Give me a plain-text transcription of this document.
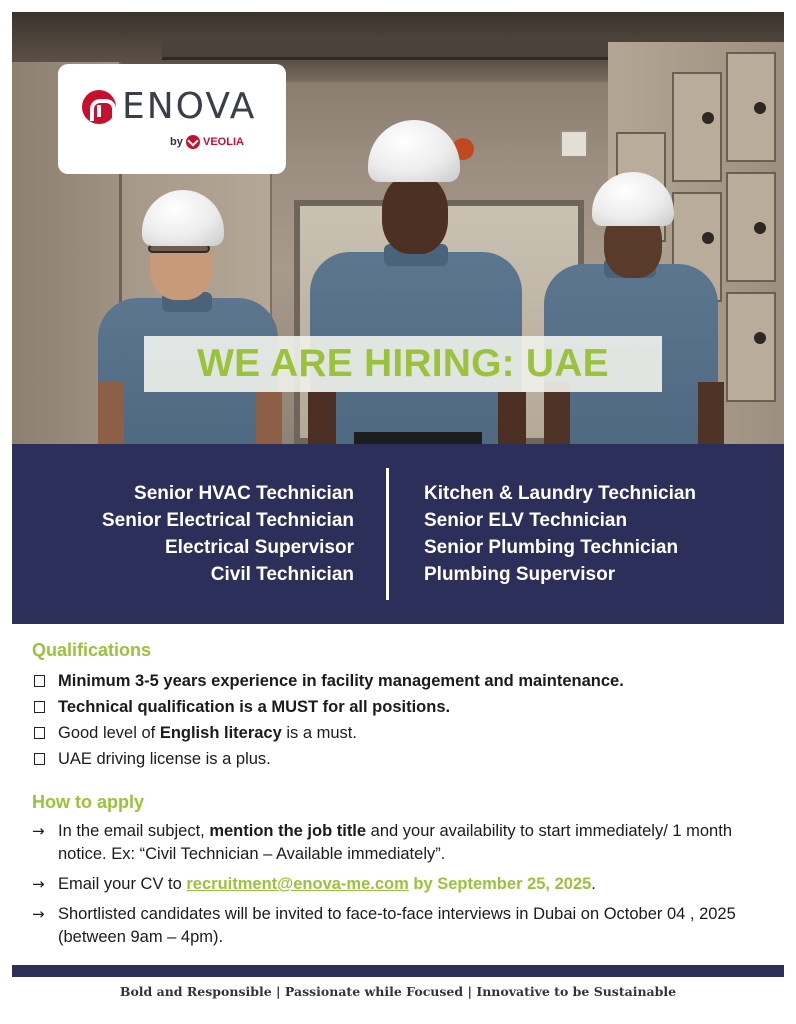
WE ARE HIRING: UAE
ENOVA
by VEOLIA
Senior HVAC Technician
Senior Electrical Technician
Electrical Supervisor
Civil Technician
Kitchen & Laundry Technician
Senior ELV Technician
Senior Plumbing Technician
Plumbing Supervisor
Qualifications
Minimum 3-5 years experience in facility management and maintenance.
Technical qualification is a MUST for all positions.
Good level of English literacy is a must.
UAE driving license is a plus.
How to apply
→ In the email subject, mention the job title and your availability to start immediately/ 1 month notice. Ex: “Civil Technician – Available immediately”.
→ Email your CV to recruitment@enova-me.com by September 25, 2025.
→ Shortlisted candidates will be invited to face-to-face interviews in Dubai on October 04 , 2025 (between 9am – 4pm).
Bold and Responsible | Passionate while Focused | Innovative to be Sustainable
